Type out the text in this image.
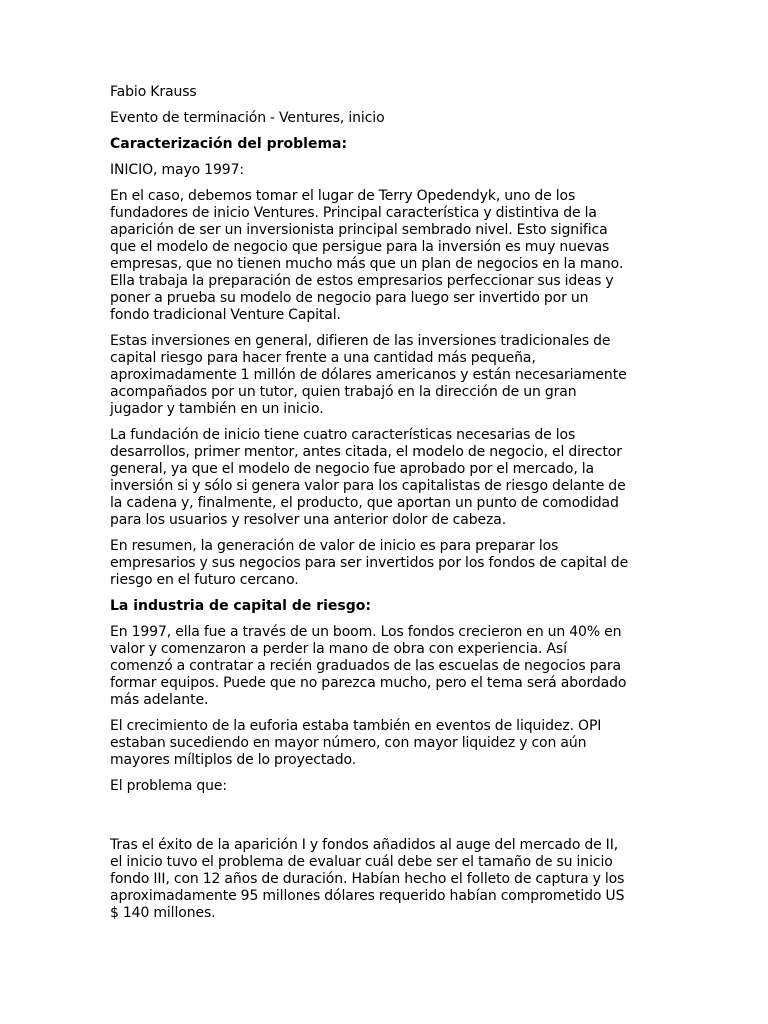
Fabio Krauss

Evento de terminación - Ventures, inicio

Caracterización del problema:

INICIO, mayo 1997:

En el caso, debemos tomar el lugar de Terry Opedendyk, uno de los fundadores de inicio Ventures. Principal característica y distintiva de la aparición de ser un inversionista principal sembrado nivel. Esto significa que el modelo de negocio que persigue para la inversión es muy nuevas empresas, que no tienen mucho más que un plan de negocios en la mano. Ella trabaja la preparación de estos empresarios perfeccionar sus ideas y poner a prueba su modelo de negocio para luego ser invertido por un fondo tradicional Venture Capital.

Estas inversiones en general, difieren de las inversiones tradicionales de capital riesgo para hacer frente a una cantidad más pequeña, aproximadamente 1 millón de dólares americanos y están necesariamente acompañados por un tutor, quien trabajó en la dirección de un gran jugador y también en un inicio.

La fundación de inicio tiene cuatro características necesarias de los desarrollos, primer mentor, antes citada, el modelo de negocio, el director general, ya que el modelo de negocio fue aprobado por el mercado, la inversión si y sólo si genera valor para los capitalistas de riesgo delante de la cadena y, finalmente, el producto, que aportan un punto de comodidad para los usuarios y resolver una anterior dolor de cabeza.

En resumen, la generación de valor de inicio es para preparar los empresarios y sus negocios para ser invertidos por los fondos de capital de riesgo en el futuro cercano.

La industria de capital de riesgo:

En 1997, ella fue a través de un boom. Los fondos crecieron en un 40% en valor y comenzaron a perder la mano de obra con experiencia. Así comenzó a contratar a recién graduados de las escuelas de negocios para formar equipos. Puede que no parezca mucho, pero el tema será abordado más adelante.

El crecimiento de la euforia estaba también en eventos de liquidez. OPI estaban sucediendo en mayor número, con mayor liquidez y con aún mayores míltiplos de lo proyectado.

El problema que:

Tras el éxito de la aparición I y fondos añadidos al auge del mercado de II, el inicio tuvo el problema de evaluar cuál debe ser el tamaño de su inicio fondo III, con 12 años de duración. Habían hecho el folleto de captura y los aproximadamente 95 millones dólares requerido habían comprometido US $ 140 millones.
